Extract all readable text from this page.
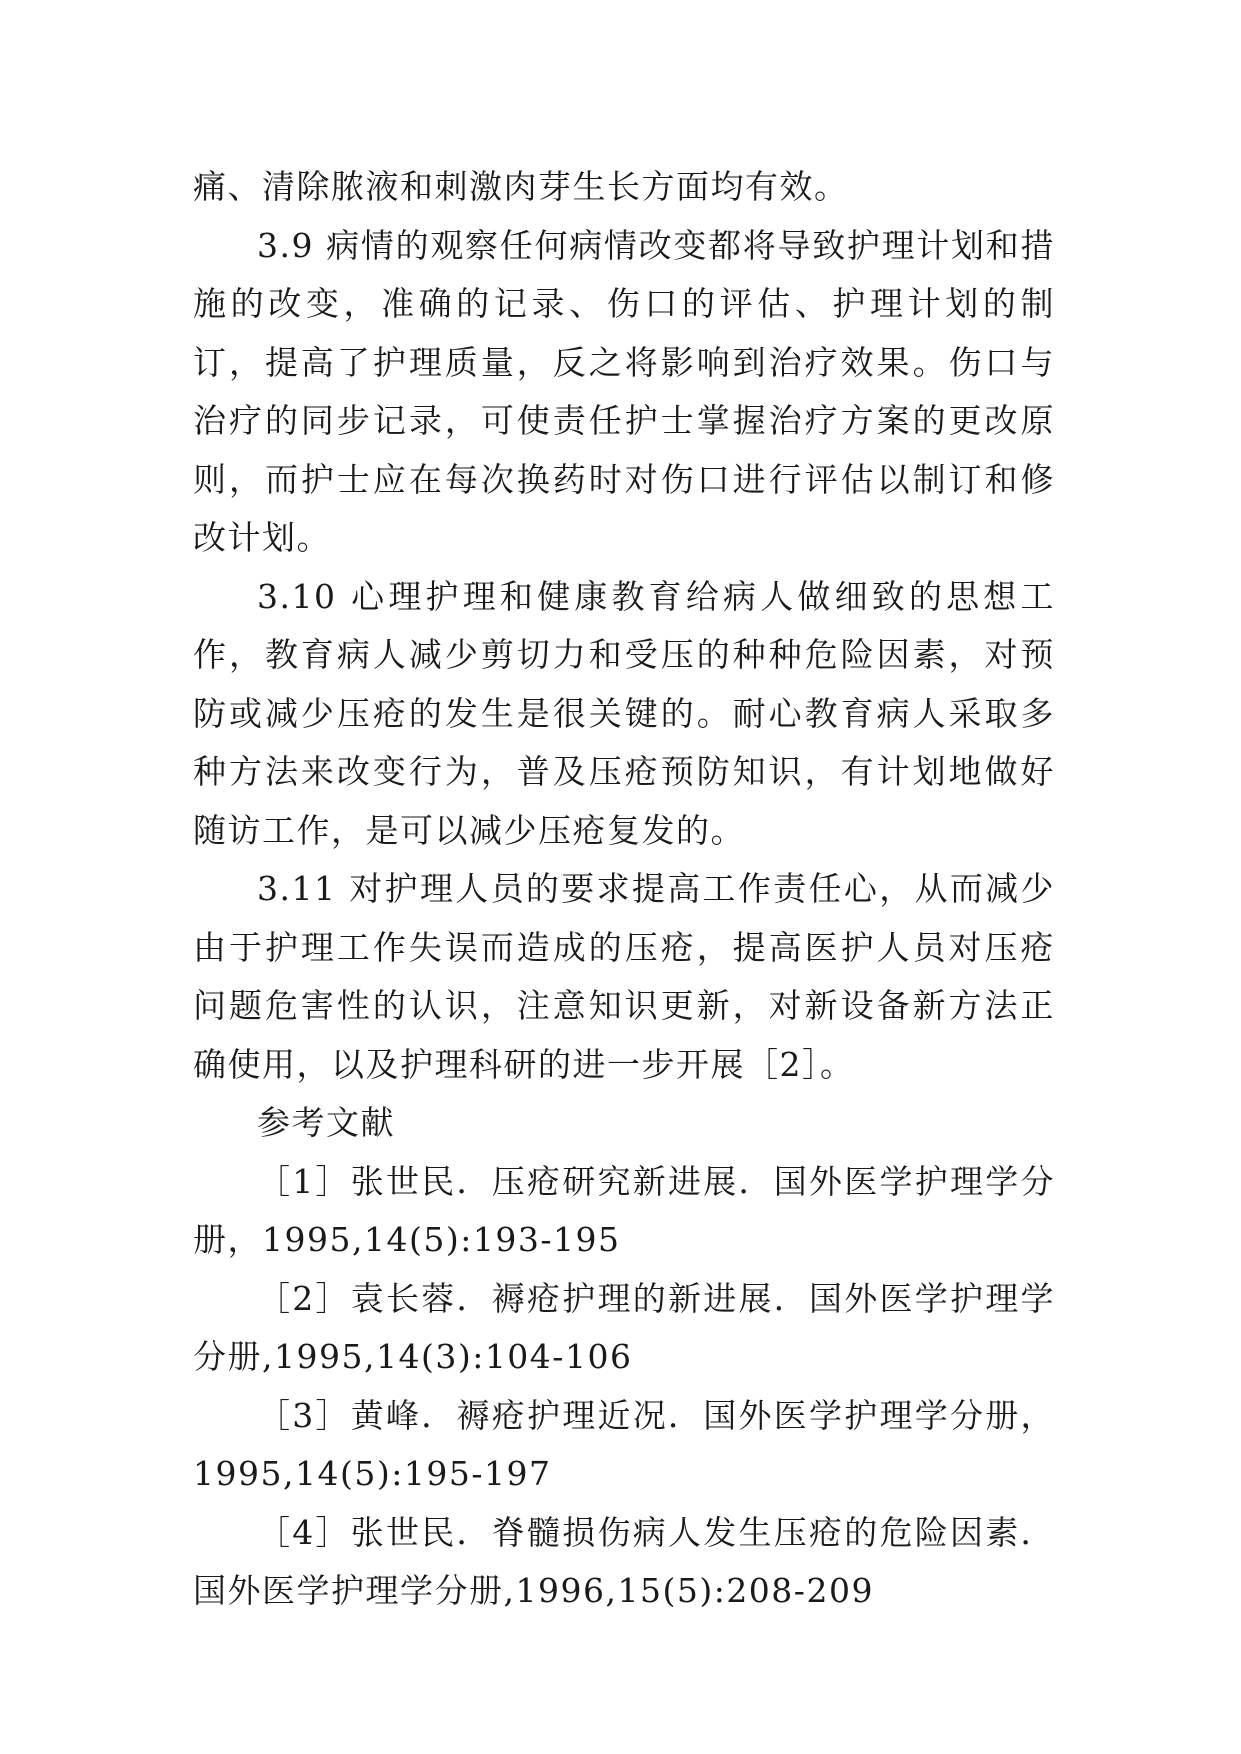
痛、清除脓液和刺激肉芽生长方面均有效。

3.9 病情的观察任何病情改变都将导致护理计划和措施的改变，准确的记录、伤口的评估、护理计划的制订，提高了护理质量，反之将影响到治疗效果。伤口与治疗的同步记录，可使责任护士掌握治疗方案的更改原则，而护士应在每次换药时对伤口进行评估以制订和修改计划。

3.10 心理护理和健康教育给病人做细致的思想工作，教育病人减少剪切力和受压的种种危险因素，对预防或减少压疮的发生是很关键的。耐心教育病人采取多种方法来改变行为，普及压疮预防知识，有计划地做好随访工作，是可以减少压疮复发的。

3.11 对护理人员的要求提高工作责任心，从而减少由于护理工作失误而造成的压疮，提高医护人员对压疮问题危害性的认识，注意知识更新，对新设备新方法正确使用，以及护理科研的进一步开展［2］。

参考文献

［1］张世民．压疮研究新进展．国外医学护理学分册，1995,14(5):193-195

［2］袁长蓉．褥疮护理的新进展．国外医学护理学分册,1995,14(3):104-106

［3］黄峰．褥疮护理近况．国外医学护理学分册，1995,14(5):195-197

［4］张世民．脊髓损伤病人发生压疮的危险因素．国外医学护理学分册,1996,15(5):208-209
